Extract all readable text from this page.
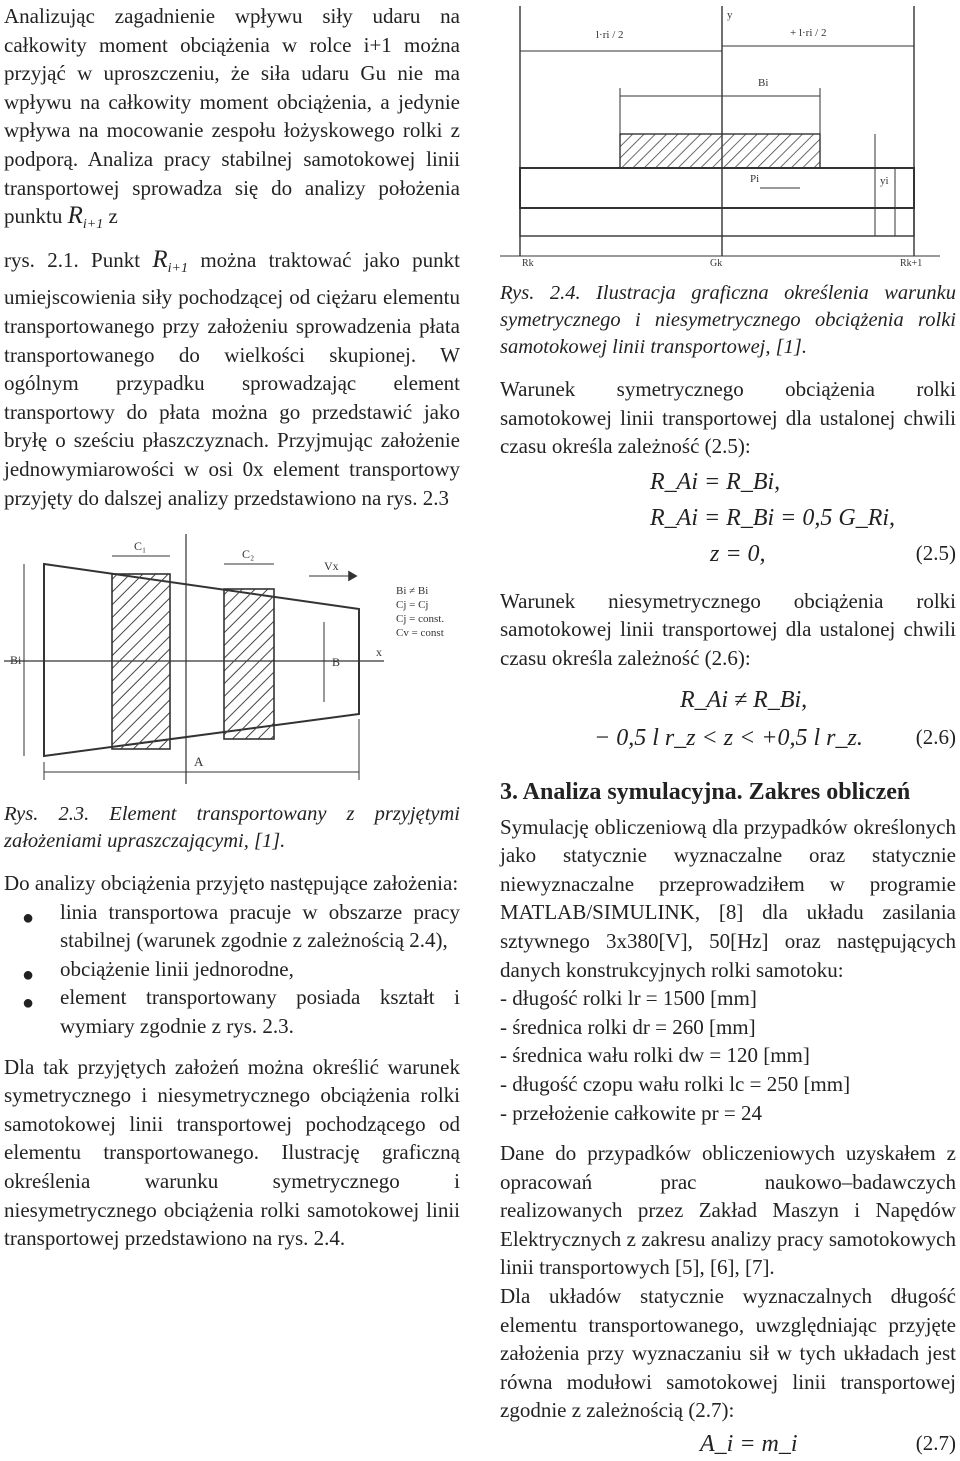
Analizując zagadnienie wpływu siły udaru na całkowity moment obciążenia w rolce i+1 można przyjąć w uproszczeniu, że siła udaru Gu nie ma wpływu na całkowity moment obciążenia, a jedynie wpływa na mocowanie zespołu łożyskowego rolki z podporą. Analiza pracy stabilnej samotokowej linii transportowej sprowadza się do analizy położenia punktu $R_{i+1}$ z

rys. 2.1. Punkt $R_{i+1}$ można traktować jako punkt umiejscowienia siły pochodzącej od ciężaru elementu transportowanego przy założeniu sprowadzenia płata transportowanego do wielkości skupionej. W ogólnym przypadku sprowadzając element transportowy do płata można go przedstawić jako bryłę o sześciu płaszczyznach. Przyjmując założenie jednowymiarowości w osi 0x element transportowy przyjęty do dalszej analizy przedstawiono na rys. 2.3

A
B
C₁
C₂
Vx
x
Bi
Bi ≠ Bi
Cj = Cj
Cj = const.
Cv = const

Rys. 2.3. Element transportowany z przyjętymi założeniami upraszczającymi, [1].

Do analizy obciążenia przyjęto następujące założenia:

● linia transportowa pracuje w obszarze pracy stabilnej (warunek zgodnie z zależnością 2.4),
● obciążenie linii jednorodne,
● element transportowany posiada kształt i wymiary zgodnie z rys. 2.3.

Dla tak przyjętych założeń można określić warunek symetrycznego i niesymetrycznego obciążenia rolki samotokowej linii transportowej pochodzącego od elementu transportowanego. Ilustrację graficzną określenia warunku symetrycznego i niesymetrycznego obciążenia rolki samotokowej linii transportowej przedstawiono na rys. 2.4.

y
l·ri / 2	+ l·ri / 2
Bi
Pi	yi
Rk	Gk	Rk+1

Rys. 2.4. Ilustracja graficzna określenia warunku symetrycznego i niesymetrycznego obciążenia rolki samotokowej linii transportowej, [1].

Warunek symetrycznego obciążenia rolki samotokowej linii transportowej dla ustalonej chwili czasu określa zależność (2.5):

R_Ai = R_Bi,
R_Ai = R_Bi = 0,5 G_Ri,
z = 0,	(2.5)

Warunek niesymetrycznego obciążenia rolki samotokowej linii transportowej dla ustalonej chwili czasu określa zależność (2.6):

R_Ai ≠ R_Bi,
− 0,5 l r_z < z < +0,5 l r_z.	(2.6)
3. Analiza symulacyjna. Zakres obliczeń

Symulację obliczeniową dla przypadków określonych jako statycznie wyznaczalne oraz statycznie niewyznaczalne przeprowadziłem w programie MATLAB/SIMULINK, [8] dla układu zasilania sztywnego 3x380[V], 50[Hz] oraz następujących danych konstrukcyjnych rolki samotoku:

- długość rolki lr = 1500 [mm]

- średnica rolki dr = 260 [mm]

- średnica wału rolki dw = 120 [mm]

- długość czopu wału rolki lc = 250 [mm]

- przełożenie całkowite pr = 24

Dane do przypadków obliczeniowych uzyskałem z opracowań prac naukowo–badawczych realizowanych przez Zakład Maszyn i Napędów Elektrycznych z zakresu analizy pracy samotokowych linii transportowych [5], [6], [7].

Dla układów statycznie wyznaczalnych długość elementu transportowanego, uwzględniając przyjęte założenia przy wyznaczaniu sił w tych układach jest równa modułowi samotokowej linii transportowej zgodnie z zależnością (2.7):

A_i = m_i	(2.7)
